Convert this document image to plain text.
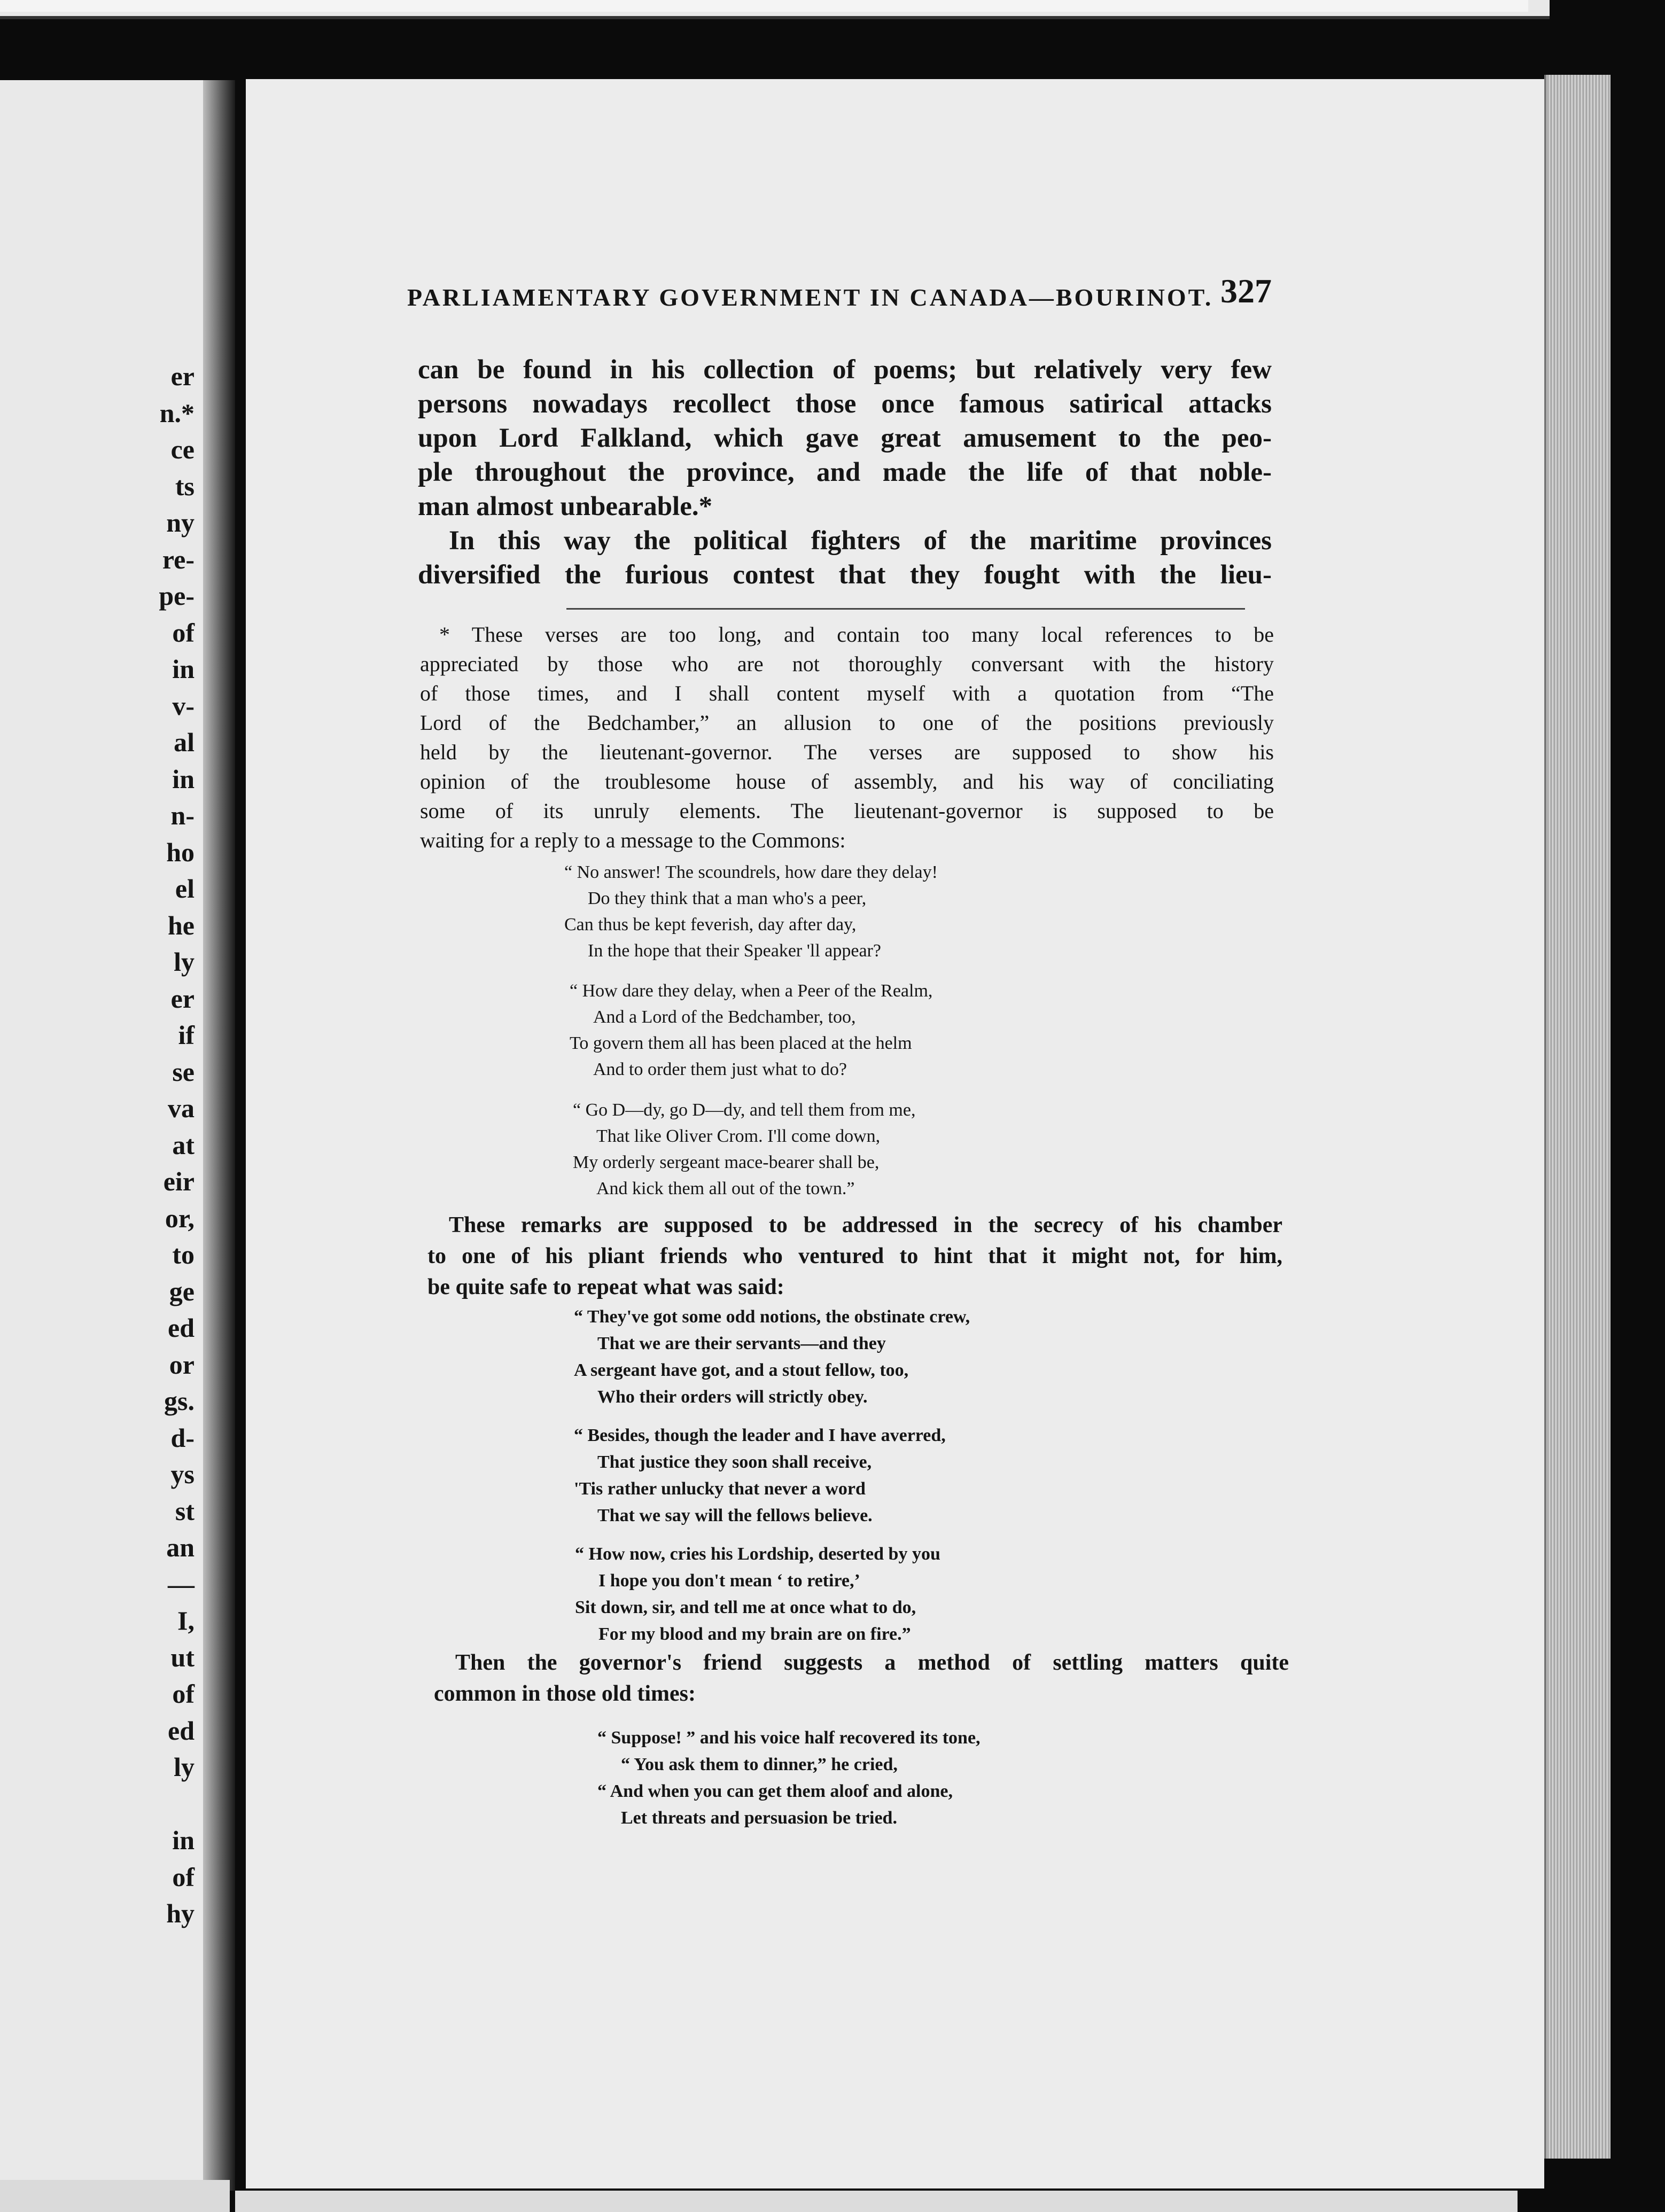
er
n.*
ce
ts
ny
re-
pe-
of
in
v-
al
in
n-
ho
el
he
ly
er
if
se
va
at
eir
or,
to
ge
ed
or
gs.
d-
ys
st
an
—
I,
ut
of
ed
ly
in
of
hy
PARLIAMENTARY GOVERNMENT IN CANADA—BOURINOT. 327
can be found in his collection of poems; but relatively very few
persons nowadays recollect those once famous satirical attacks
upon Lord Falkland, which gave great amusement to the peo-
ple throughout the province, and made the life of that noble-
man almost unbearable.*
In this way the political fighters of the maritime provinces
diversified the furious contest that they fought with the lieu-
* These verses are too long, and contain too many local references to be
appreciated by those who are not thoroughly conversant with the history
of those times, and I shall content myself with a quotation from “The
Lord of the Bedchamber,” an allusion to one of the positions previously
held by the lieutenant-governor. The verses are supposed to show his
opinion of the troublesome house of assembly, and his way of conciliating
some of its unruly elements. The lieutenant-governor is supposed to be
waiting for a reply to a message to the Commons:
“ No answer! The scoundrels, how dare they delay!
Do they think that a man who's a peer,
Can thus be kept feverish, day after day,
In the hope that their Speaker 'll appear?
“ How dare they delay, when a Peer of the Realm,
And a Lord of the Bedchamber, too,
To govern them all has been placed at the helm
And to order them just what to do?
“ Go D—dy, go D—dy, and tell them from me,
That like Oliver Crom. I'll come down,
My orderly sergeant mace-bearer shall be,
And kick them all out of the town.”
These remarks are supposed to be addressed in the secrecy of his chamber
to one of his pliant friends who ventured to hint that it might not, for him,
be quite safe to repeat what was said:
“ They've got some odd notions, the obstinate crew,
That we are their servants—and they
A sergeant have got, and a stout fellow, too,
Who their orders will strictly obey.
“ Besides, though the leader and I have averred,
That justice they soon shall receive,
'Tis rather unlucky that never a word
That we say will the fellows believe.
“ How now, cries his Lordship, deserted by you
I hope you don't mean ‘ to retire,’
Sit down, sir, and tell me at once what to do,
For my blood and my brain are on fire.”
Then the governor's friend suggests a method of settling matters quite
common in those old times:
“ Suppose! ” and his voice half recovered its tone,
“ You ask them to dinner,” he cried,
“ And when you can get them aloof and alone,
Let threats and persuasion be tried.
